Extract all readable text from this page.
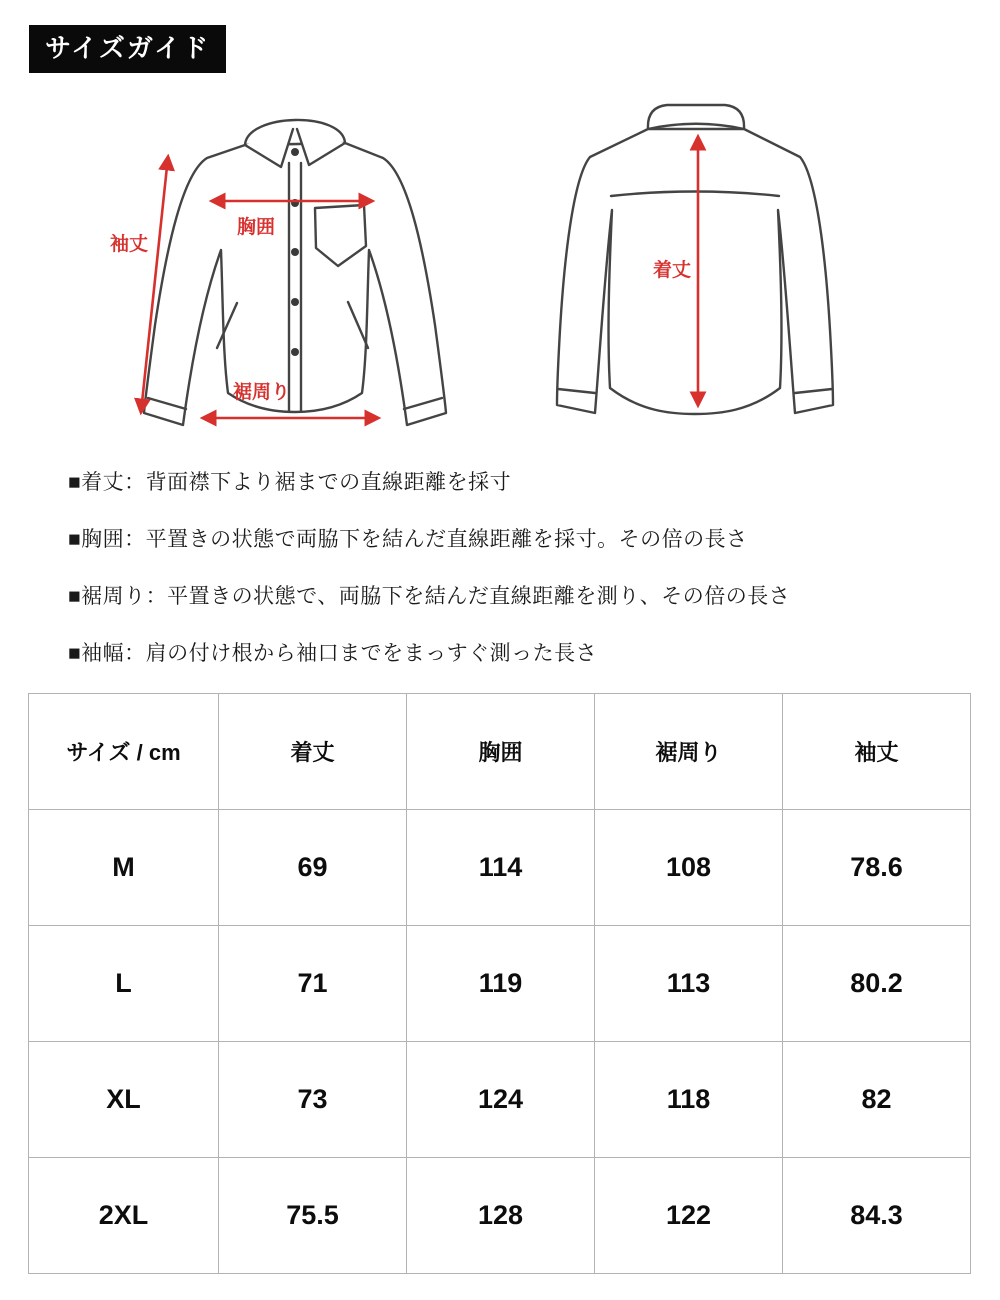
サイズガイド
袖丈
胸囲
裾周り
着丈
■着丈：背面襟下より裾までの直線距離を採寸
■胸囲：平置きの状態で両脇下を結んだ直線距離を採寸。その倍の長さ
■裾周り：平置きの状態で、両脇下を結んだ直線距離を測り、その倍の長さ
■袖幅：肩の付け根から袖口までをまっすぐ測った長さ
サイズ / cm	着丈	胸囲	裾周り	袖丈
M	69	114	108	78.6
L	71	119	113	80.2
XL	73	124	118	82
2XL	75.5	128	122	84.3
